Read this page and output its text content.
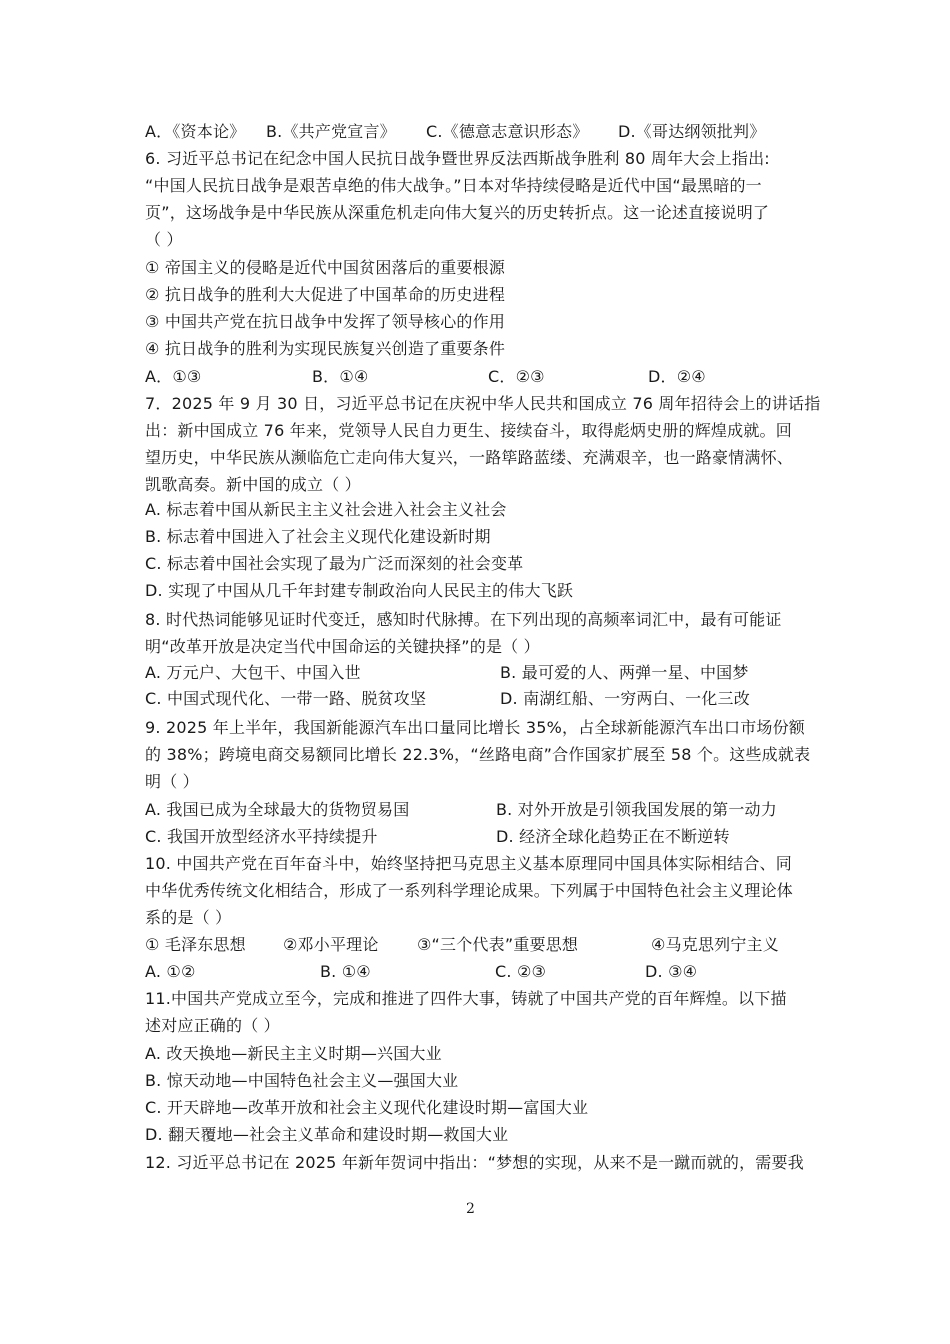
A．《资本论》 B.《共产党宣言》 C.《德意志意识形态》 D.《哥达纲领批判》
6. 习近平总书记在纪念中国人民抗日战争暨世界反法西斯战争胜利 80 周年大会上指出:
“中国人民抗日战争是艰苦卓绝的伟大战争。”日本对华持续侵略是近代中国“最黑暗的一
页”，这场战争是中华民族从深重危机走向伟大复兴的历史转折点。这一论述直接说明了
（ ）
① 帝国主义的侵略是近代中国贫困落后的重要根源
② 抗日战争的胜利大大促进了中国革命的历史进程
③ 中国共产党在抗日战争中发挥了领导核心的作用
④ 抗日战争的胜利为实现民族复兴创造了重要条件
A．①③	B．①④	C．②③	D．②④
7．2025 年 9 月 30 日，习近平总书记在庆祝中华人民共和国成立 76 周年招待会上的讲话指
出：新中国成立 76 年来，党领导人民自力更生、接续奋斗，取得彪炳史册的辉煌成就。回
望历史，中华民族从濒临危亡走向伟大复兴，一路筚路蓝缕、充满艰辛，也一路豪情满怀、
凯歌高奏。新中国的成立（ ）
A. 标志着中国从新民主主义社会进入社会主义社会
B. 标志着中国进入了社会主义现代化建设新时期
C. 标志着中国社会实现了最为广泛而深刻的社会变革
D. 实现了中国从几千年封建专制政治向人民民主的伟大飞跃
8. 时代热词能够见证时代变迁，感知时代脉搏。在下列出现的高频率词汇中，最有可能证
明“改革开放是决定当代中国命运的关键抉择”的是（ ）
A. 万元户、大包干、中国入世	B. 最可爱的人、两弹一星、中国梦
C. 中国式现代化、一带一路、脱贫攻坚	D. 南湖红船、一穷两白、一化三改
9. 2025 年上半年，我国新能源汽车出口量同比增长 35%，占全球新能源汽车出口市场份额
的 38%；跨境电商交易额同比增长 22.3%，“丝路电商”合作国家扩展至 58 个。这些成就表
明（ ）
A. 我国已成为全球最大的货物贸易国	B. 对外开放是引领我国发展的第一动力
C. 我国开放型经济水平持续提升	D. 经济全球化趋势正在不断逆转
10. 中国共产党在百年奋斗中，始终坚持把马克思主义基本原理同中国具体实际相结合、同
中华优秀传统文化相结合，形成了一系列科学理论成果。下列属于中国特色社会主义理论体
系的是（ ）
① 毛泽东思想 ②邓小平理论 ③“三个代表”重要思想	④马克思列宁主义
A. ①②	B. ①④	C. ②③	D. ③④
11.中国共产党成立至今，完成和推进了四件大事，铸就了中国共产党的百年辉煌。以下描
述对应正确的（ ）
A. 改天换地—新民主主义时期—兴国大业
B. 惊天动地—中国特色社会主义—强国大业
C. 开天辟地—改革开放和社会主义现代化建设时期—富国大业
D. 翻天覆地—社会主义革命和建设时期—救国大业
12. 习近平总书记在 2025 年新年贺词中指出：“梦想的实现，从来不是一蹴而就的，需要我
2
